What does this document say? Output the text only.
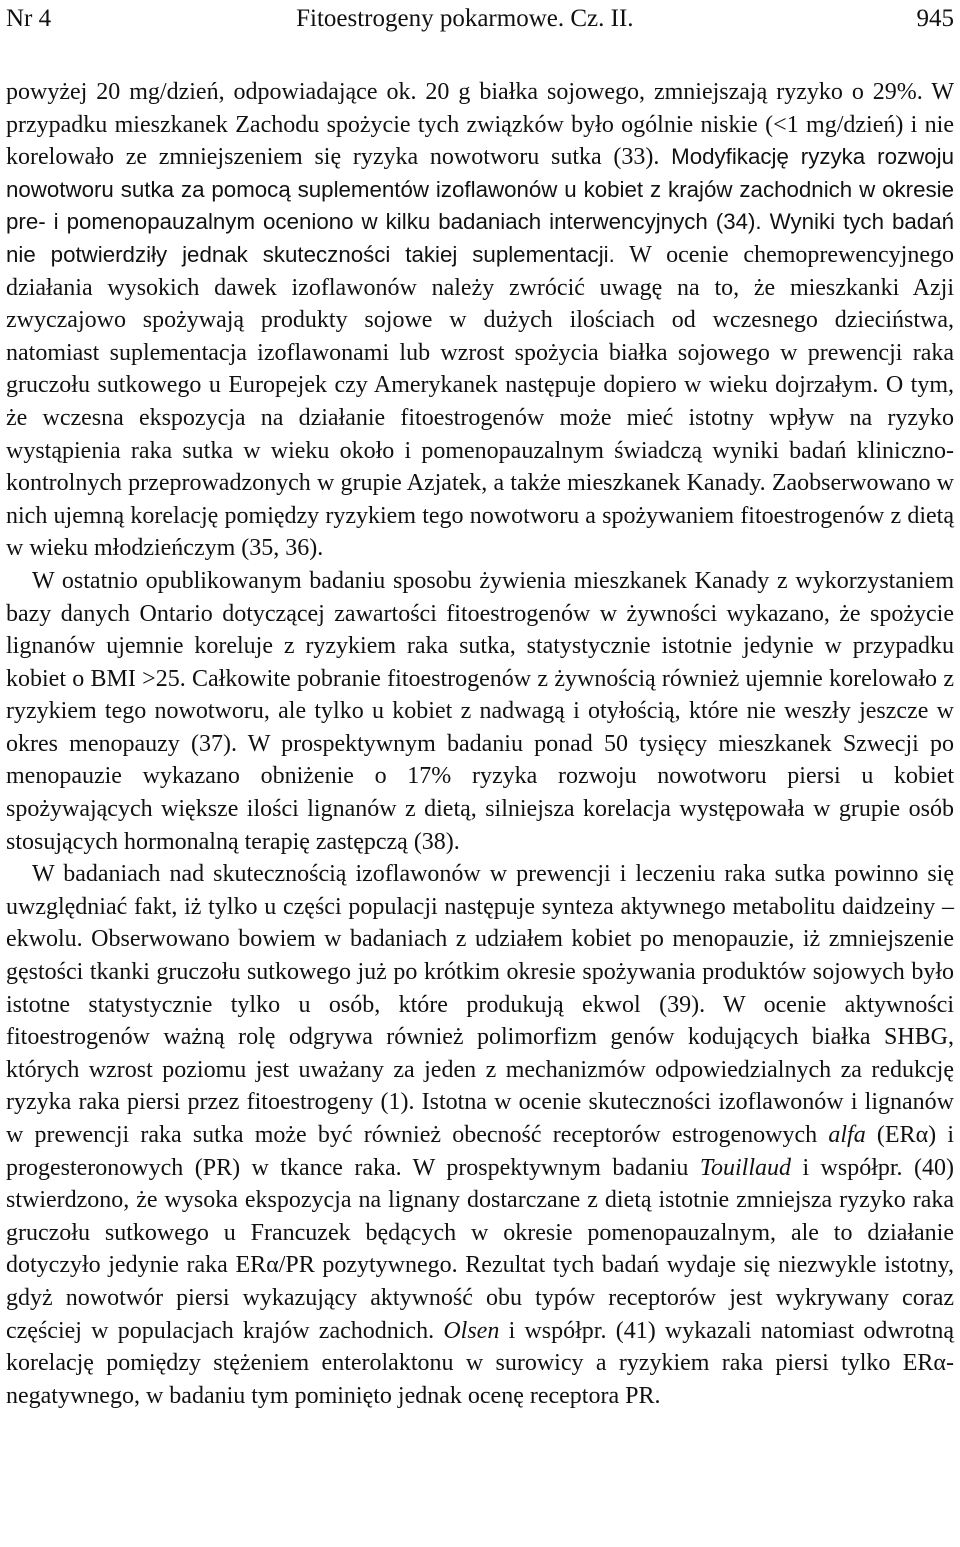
Nr 4	Fitoestrogeny pokarmowe. Cz. II.	945

powyżej 20 mg/dzień, odpowiadające ok. 20 g białka sojowego, zmniejszają ryzyko o 29%. W przypadku mieszkanek Zachodu spożycie tych związków było ogólnie niskie (<1 mg/dzień) i nie korelowało ze zmniejszeniem się ryzyka nowotworu sutka (33). Modyfikację ryzyka rozwoju nowotworu sutka za pomocą suplementów izoflawonów u kobiet z krajów zachodnich w okresie pre- i pomenopauzalnym oceniono w kilku badaniach interwencyjnych (34). Wyniki tych badań nie potwierdziły jednak skuteczności takiej suplementacji. W ocenie chemoprewencyjnego działania wysokich dawek izoflawonów należy zwrócić uwagę na to, że mieszkanki Azji zwyczajowo spożywają produkty sojowe w dużych ilościach od wczesnego dzieciństwa, natomiast suplementacja izoflawonami lub wzrost spożycia białka sojowego w prewencji raka gruczołu sutkowego u Europejek czy Amerykanek następuje dopiero w wieku dojrzałym. O tym, że wczesna ekspozycja na działanie fitoestrogenów może mieć istotny wpływ na ryzyko wystąpienia raka sutka w wieku około i pomenopauzalnym świadczą wyniki badań kliniczno-kontrolnych przeprowadzonych w grupie Azjatek, a także mieszkanek Kanady. Zaobserwowano w nich ujemną korelację pomiędzy ryzykiem tego nowotworu a spożywaniem fitoestrogenów z dietą w wieku młodzieńczym (35, 36).

W ostatnio opublikowanym badaniu sposobu żywienia mieszkanek Kanady z wykorzystaniem bazy danych Ontario dotyczącej zawartości fitoestrogenów w żywności wykazano, że spożycie lignanów ujemnie koreluje z ryzykiem raka sutka, statystycznie istotnie jedynie w przypadku kobiet o BMI >25. Całkowite pobranie fitoestrogenów z żywnością również ujemnie korelowało z ryzykiem tego nowotworu, ale tylko u kobiet z nadwagą i otyłością, które nie weszły jeszcze w okres menopauzy (37). W prospektywnym badaniu ponad 50 tysięcy mieszkanek Szwecji po menopauzie wykazano obniżenie o 17% ryzyka rozwoju nowotworu piersi u kobiet spożywających większe ilości lignanów z dietą, silniejsza korelacja występowała w grupie osób stosujących hormonalną terapię zastępczą (38).

W badaniach nad skutecznością izoflawonów w prewencji i leczeniu raka sutka powinno się uwzględniać fakt, iż tylko u części populacji następuje synteza aktywnego metabolitu daidzeiny – ekwolu. Obserwowano bowiem w badaniach z udziałem kobiet po menopauzie, iż zmniejszenie gęstości tkanki gruczołu sutkowego już po krótkim okresie spożywania produktów sojowych było istotne statystycznie tylko u osób, które produkują ekwol (39). W ocenie aktywności fitoestrogenów ważną rolę odgrywa również polimorfizm genów kodujących białka SHBG, których wzrost poziomu jest uważany za jeden z mechanizmów odpowiedzialnych za redukcję ryzyka raka piersi przez fitoestrogeny (1). Istotna w ocenie skuteczności izoflawonów i lignanów w prewencji raka sutka może być również obecność receptorów estrogenowych alfa (ERα) i progesteronowych (PR) w tkance raka. W prospektywnym badaniu Touillaud i współpr. (40) stwierdzono, że wysoka ekspozycja na lignany dostarczane z dietą istotnie zmniejsza ryzyko raka gruczołu sutkowego u Francuzek będących w okresie pomenopauzalnym, ale to działanie dotyczyło jedynie raka ERα/PR pozytywnego. Rezultat tych badań wydaje się niezwykle istotny, gdyż nowotwór piersi wykazujący aktywność obu typów receptorów jest wykrywany coraz częściej w populacjach krajów zachodnich. Olsen i współpr. (41) wykazali natomiast odwrotną korelację pomiędzy stężeniem enterolaktonu w surowicy a ryzykiem raka piersi tylko ERα-negatywnego, w badaniu tym pominięto jednak ocenę receptora PR.
